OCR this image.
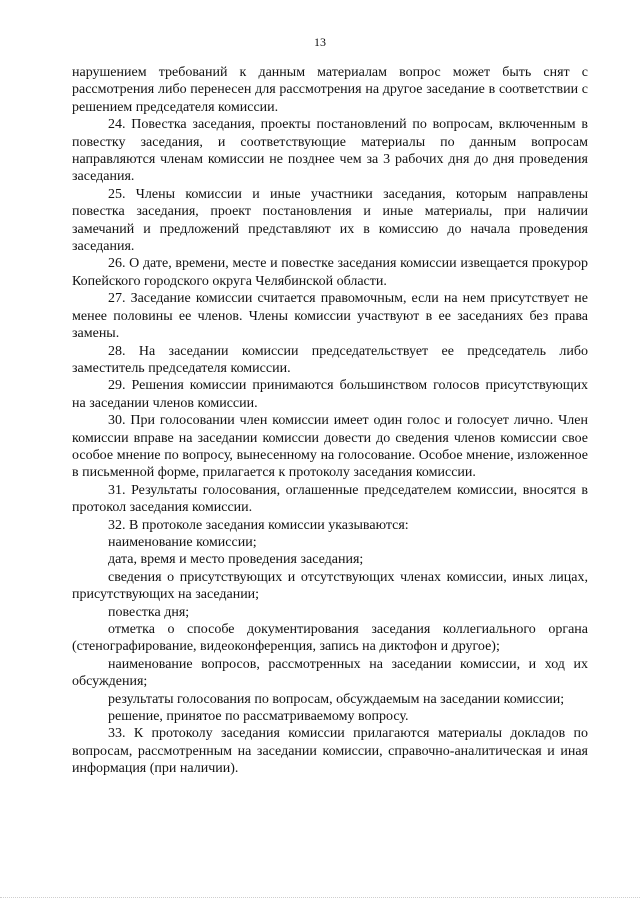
13

нарушением требований к данным материалам вопрос может быть снят с рассмотрения либо перенесен для рассмотрения на другое заседание в соответствии с решением председателя комиссии.

24. Повестка заседания, проекты постановлений по вопросам, включенным в повестку заседания, и соответствующие материалы по данным вопросам направляются членам комиссии не позднее чем за 3 рабочих дня до дня проведения заседания.

25. Члены комиссии и иные участники заседания, которым направлены повестка заседания, проект постановления и иные материалы, при наличии замечаний и предложений представляют их в комиссию до начала проведения заседания.

26. О дате, времени, месте и повестке заседания комиссии извещается прокурор Копейского городского округа Челябинской области.

27. Заседание комиссии считается правомочным, если на нем присутствует не менее половины ее членов. Члены комиссии участвуют в ее заседаниях без права замены.

28. На заседании комиссии председательствует ее председатель либо заместитель председателя комиссии.

29. Решения комиссии принимаются большинством голосов присутствующих на заседании членов комиссии.

30. При голосовании член комиссии имеет один голос и голосует лично. Член комиссии вправе на заседании комиссии довести до сведения членов комиссии свое особое мнение по вопросу, вынесенному на голосование. Особое мнение, изложенное в письменной форме, прилагается к протоколу заседания комиссии.

31. Результаты голосования, оглашенные председателем комиссии, вносятся в протокол заседания комиссии.

32. В протоколе заседания комиссии указываются:

наименование комиссии;

дата, время и место проведения заседания;

сведения о присутствующих и отсутствующих членах комиссии, иных лицах, присутствующих на заседании;

повестка дня;

отметка о способе документирования заседания коллегиального органа (стенографирование, видеоконференция, запись на диктофон и другое);

наименование вопросов, рассмотренных на заседании комиссии, и ход их обсуждения;

результаты голосования по вопросам, обсуждаемым на заседании комиссии;

решение, принятое по рассматриваемому вопросу.

33. К протоколу заседания комиссии прилагаются материалы докладов по вопросам, рассмотренным на заседании комиссии, справочно-аналитическая и иная информация (при наличии).
